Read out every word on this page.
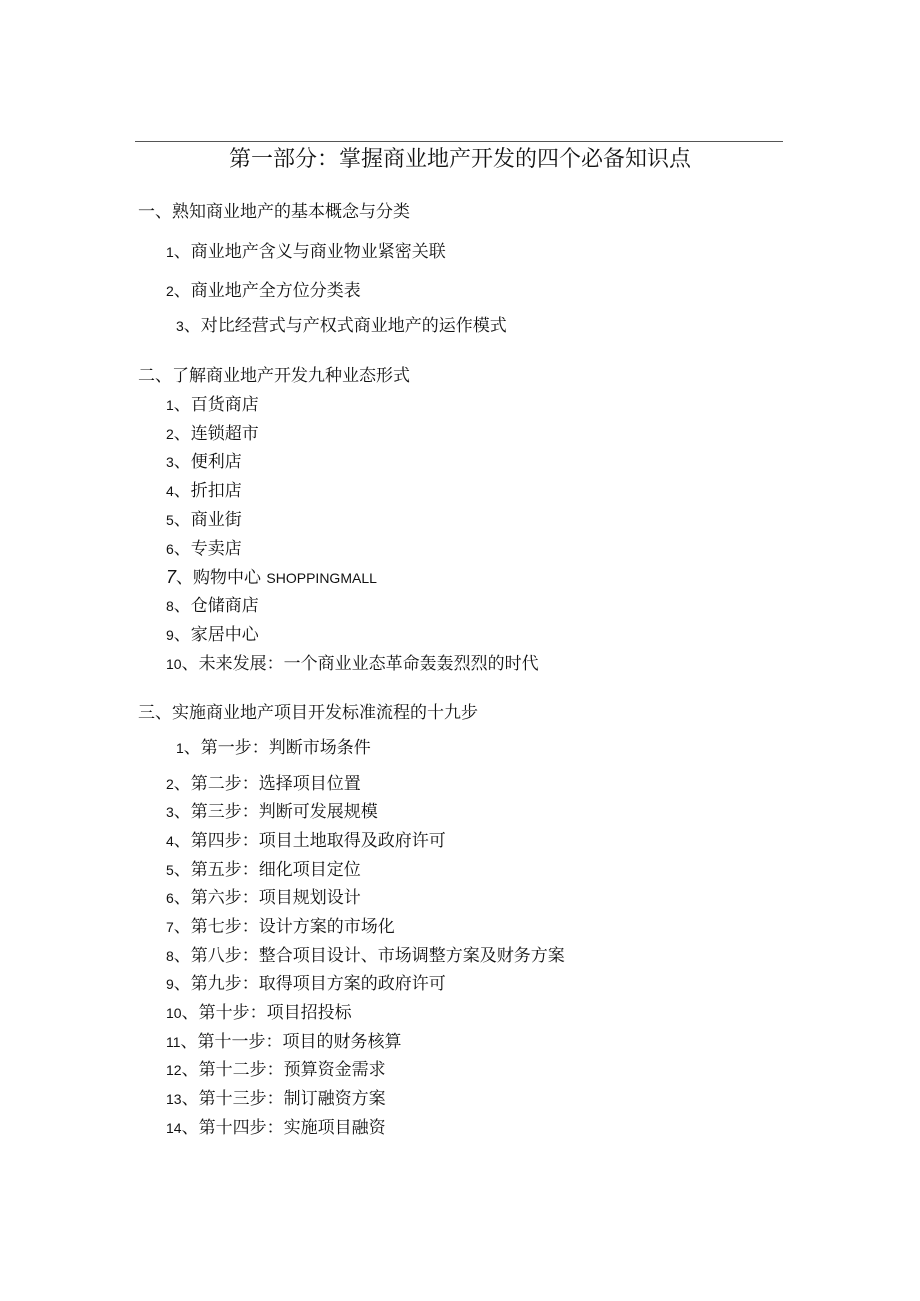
第一部分：掌握商业地产开发的四个必备知识点
一、熟知商业地产的基本概念与分类
1、商业地产含义与商业物业紧密关联
2、商业地产全方位分类表
3、对比经营式与产权式商业地产的运作模式
二、了解商业地产开发九种业态形式
1、百货商店
2、连锁超市
3、便利店
4、折扣店
5、商业街
6、专卖店
7、购物中心 SHOPPINGMALL
8、仓储商店
9、家居中心
10、未来发展：一个商业业态革命轰轰烈烈的时代
三、实施商业地产项目开发标准流程的十九步
1、第一步：判断市场条件
2、第二步：选择项目位置
3、第三步：判断可发展规模
4、第四步：项目土地取得及政府许可
5、第五步：细化项目定位
6、第六步：项目规划设计
7、第七步：设计方案的市场化
8、第八步：整合项目设计、市场调整方案及财务方案
9、第九步：取得项目方案的政府许可
10、第十步：项目招投标
11、第十一步：项目的财务核算
12、第十二步：预算资金需求
13、第十三步：制订融资方案
14、第十四步：实施项目融资
